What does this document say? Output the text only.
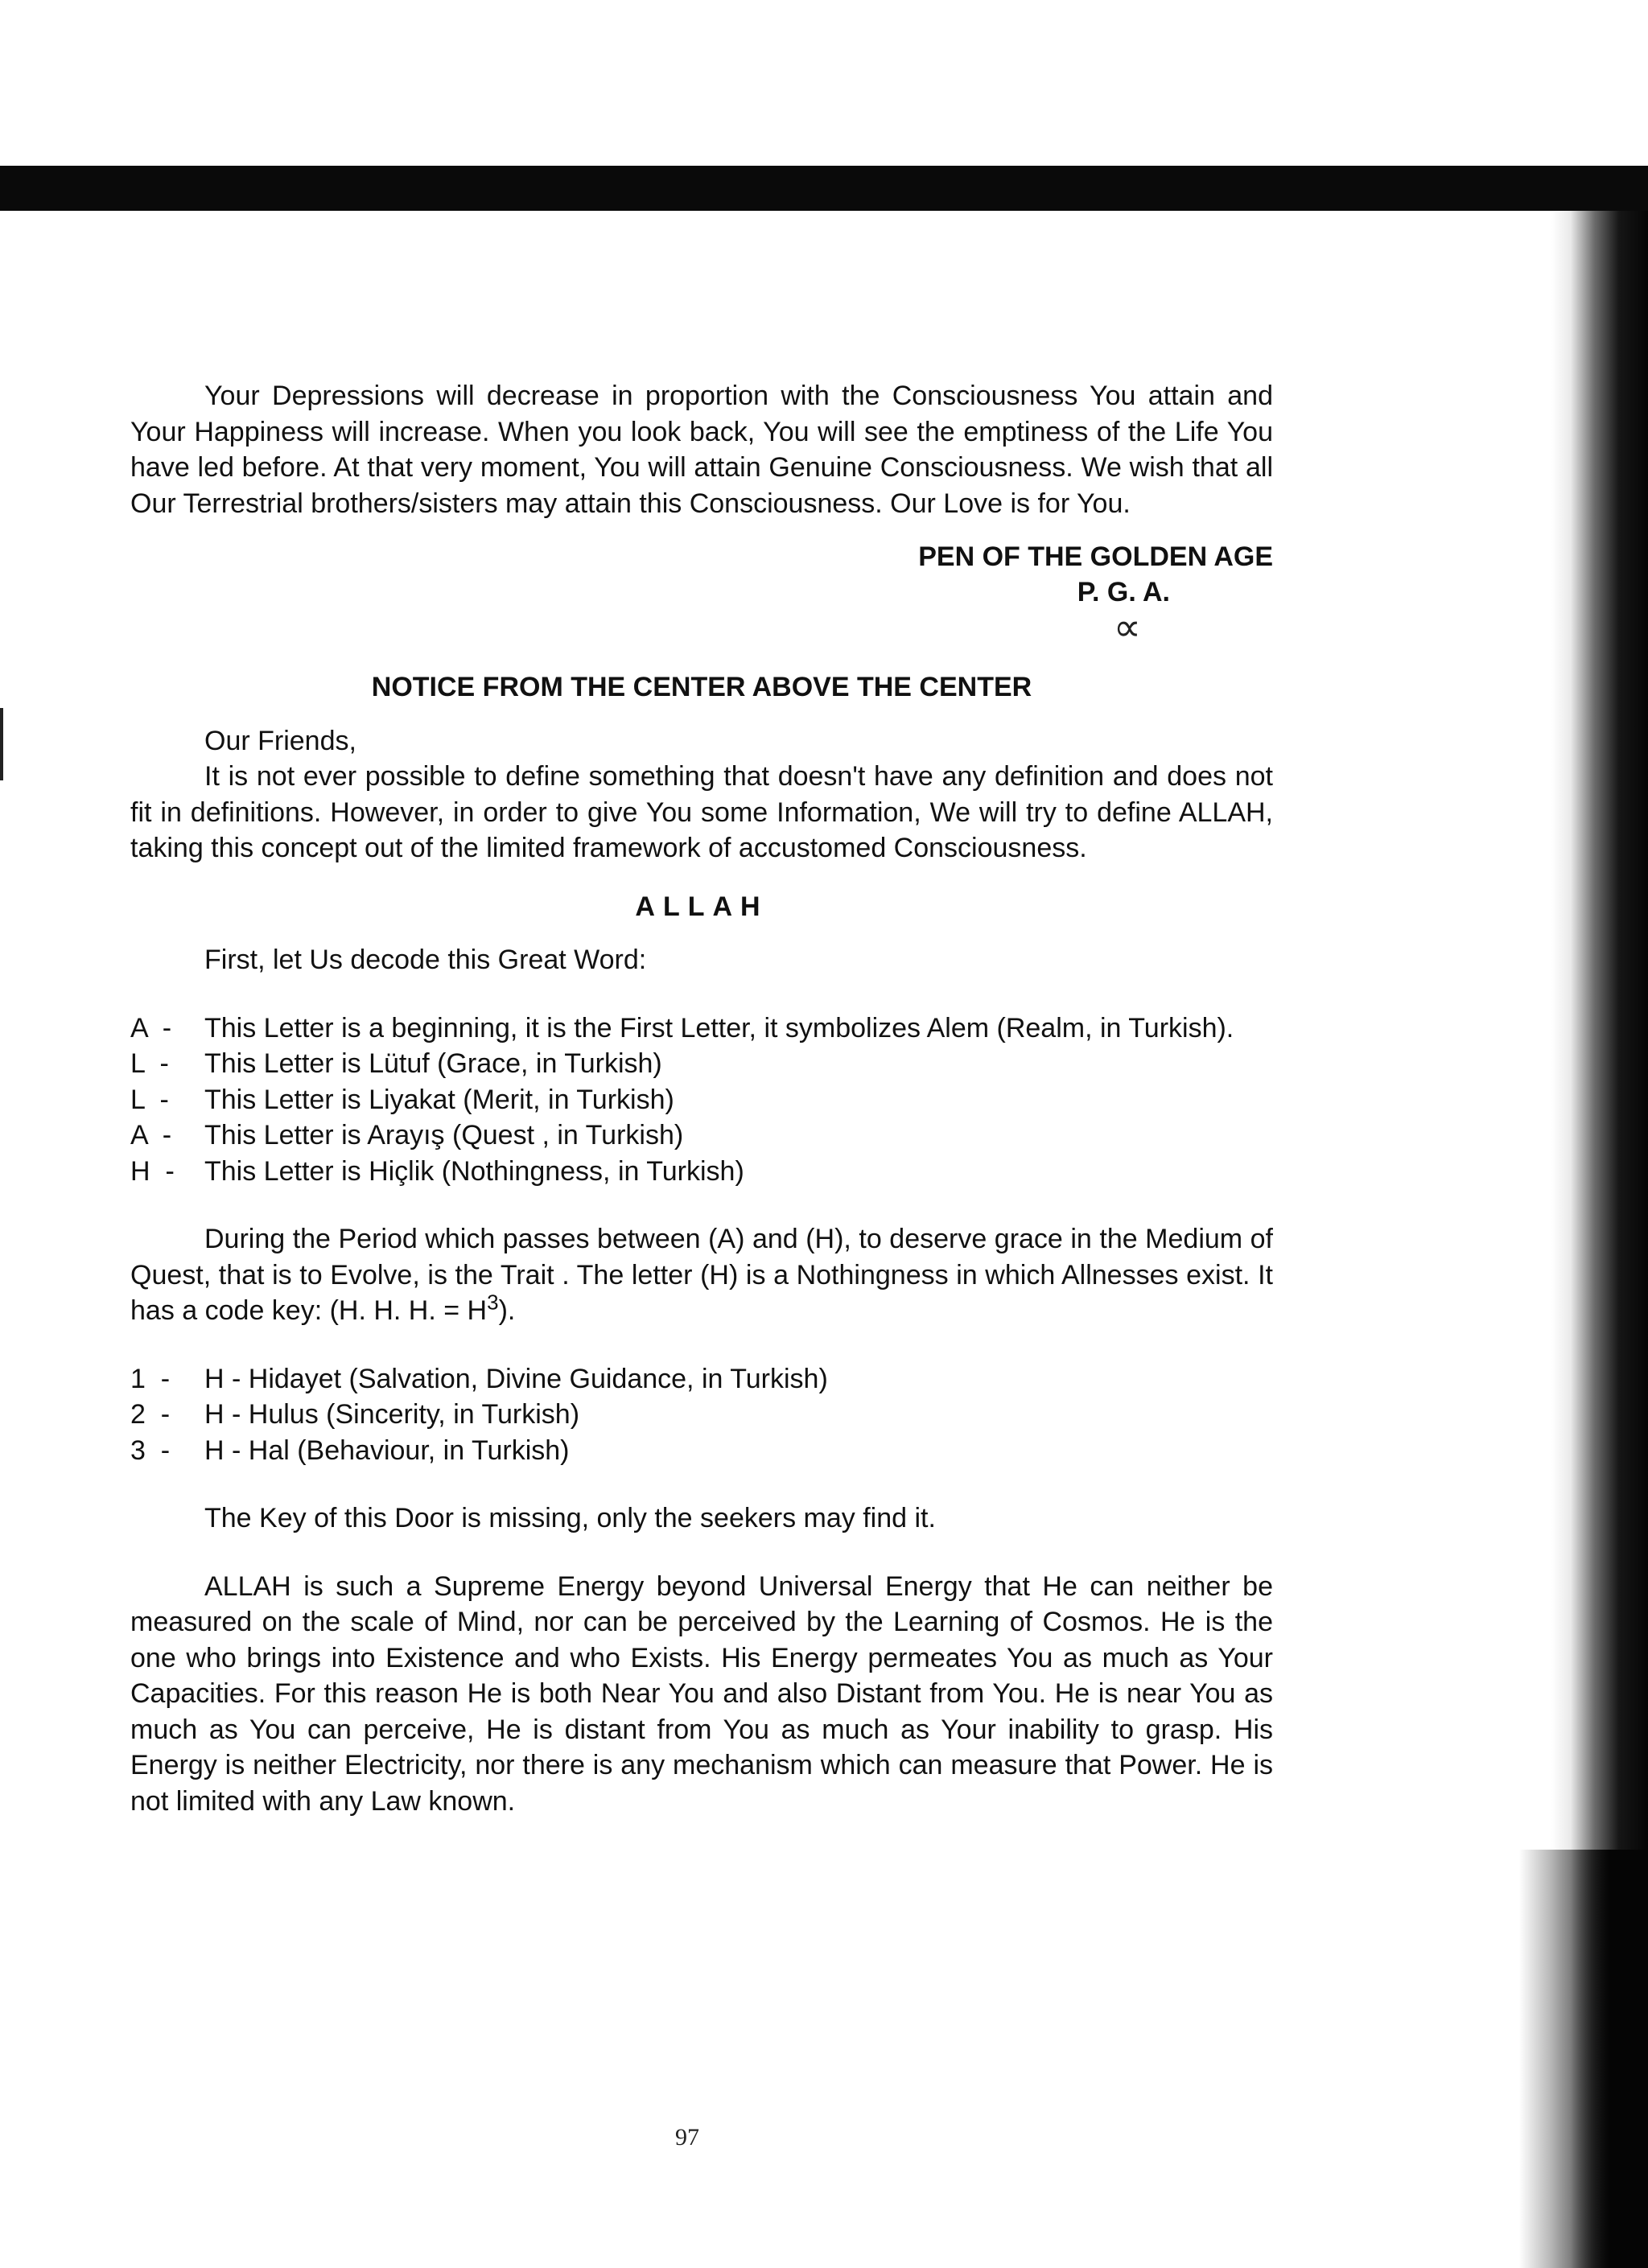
Your Depressions will decrease in proportion with the Consciousness You attain and Your Happiness will increase. When you look back, You will see the emptiness of the Life You have led before. At that very moment, You will attain Genuine Consciousness. We wish that all Our Terrestrial brothers/sisters may attain this Consciousness. Our Love is for You.

PEN OF THE GOLDEN AGE
P. G. A.
∝
NOTICE FROM THE CENTER ABOVE THE CENTER

Our Friends,

It is not ever possible to define something that doesn't have any definition and does not fit in definitions. However, in order to give You some Information, We will try to define ALLAH, taking this concept out of the limited framework of accustomed Consciousness.

ALLAH

First, let Us decode this Great Word:

A  -	This Letter is a beginning, it is the First Letter, it symbolizes Alem (Realm, in Turkish).
L  -	This Letter is Lütuf (Grace, in Turkish)
L  -	This Letter is Liyakat (Merit, in Turkish)
A  -	This Letter is Arayış (Quest , in Turkish)
H  -	This Letter is Hiçlik (Nothingness, in Turkish)

During the Period which passes between (A) and (H), to deserve grace in the Medium of Quest, that is to Evolve, is the Trait . The letter (H) is a Nothingness in which Allnesses exist. It has a code key: (H. H. H. = $H^3$).

1  -	H - Hidayet (Salvation, Divine Guidance, in Turkish)
2  -	H - Hulus (Sincerity, in Turkish)
3  -	H - Hal (Behaviour, in Turkish)

The Key of this Door is missing, only the seekers may find it.

ALLAH is such a Supreme Energy beyond Universal Energy that He can neither be measured on the scale of Mind, nor can be perceived by the Learning of Cosmos. He is the one who brings into Existence and who Exists. His Energy permeates You as much as Your Capacities. For this reason He is both Near You and also Distant from You. He is near You as much as You can perceive, He is distant from You as much as Your inability to grasp. His Energy is neither Electricity, nor there is any mechanism which can measure that Power. He is not limited with any Law known.

97
